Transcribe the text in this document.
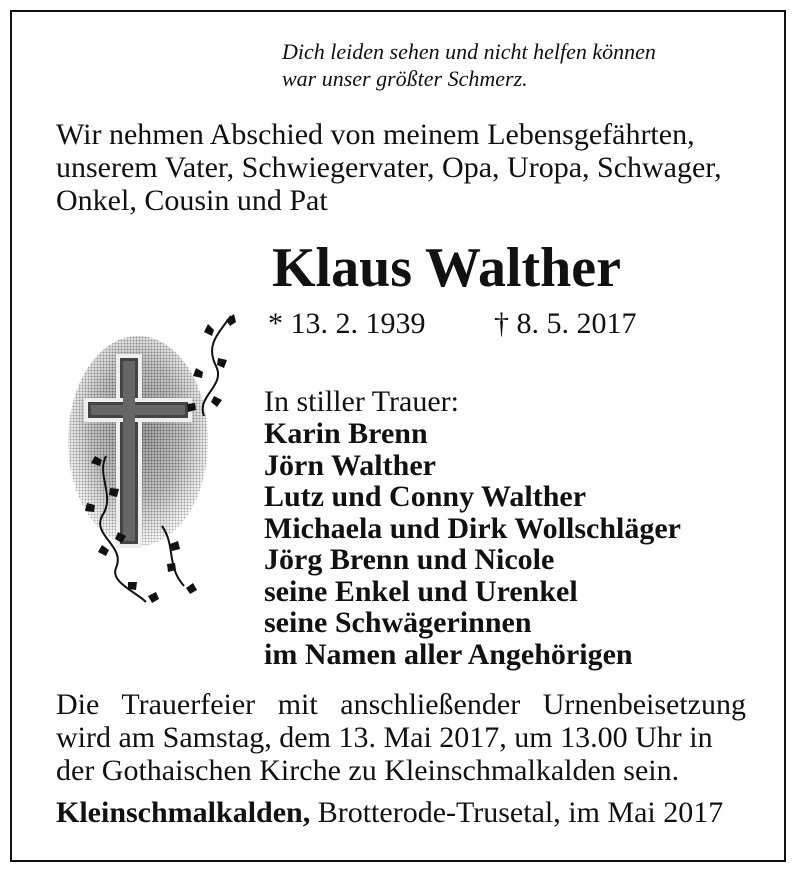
Dich leiden sehen und nicht helfen können
war unser größter Schmerz.
Wir nehmen Abschied von meinem Lebensgefährten,
unserem Vater, Schwiegervater, Opa, Uropa, Schwager,
Onkel, Cousin und Pat
Klaus Walther
* 13. 2. 1939 † 8. 5. 2017
In stiller Trauer:
Karin Brenn
Jörn Walther
Lutz und Conny Walther
Michaela und Dirk Wollschläger
Jörg Brenn und Nicole
seine Enkel und Urenkel
seine Schwägerinnen
im Namen aller Angehörigen
Die Trauerfeier mit anschließender Urnenbeisetzung
wird am Samstag, dem 13. Mai 2017, um 13.00 Uhr in
der Gothaischen Kirche zu Kleinschmalkalden sein.

Kleinschmalkalden, Brotterode-Trusetal, im Mai 2017
